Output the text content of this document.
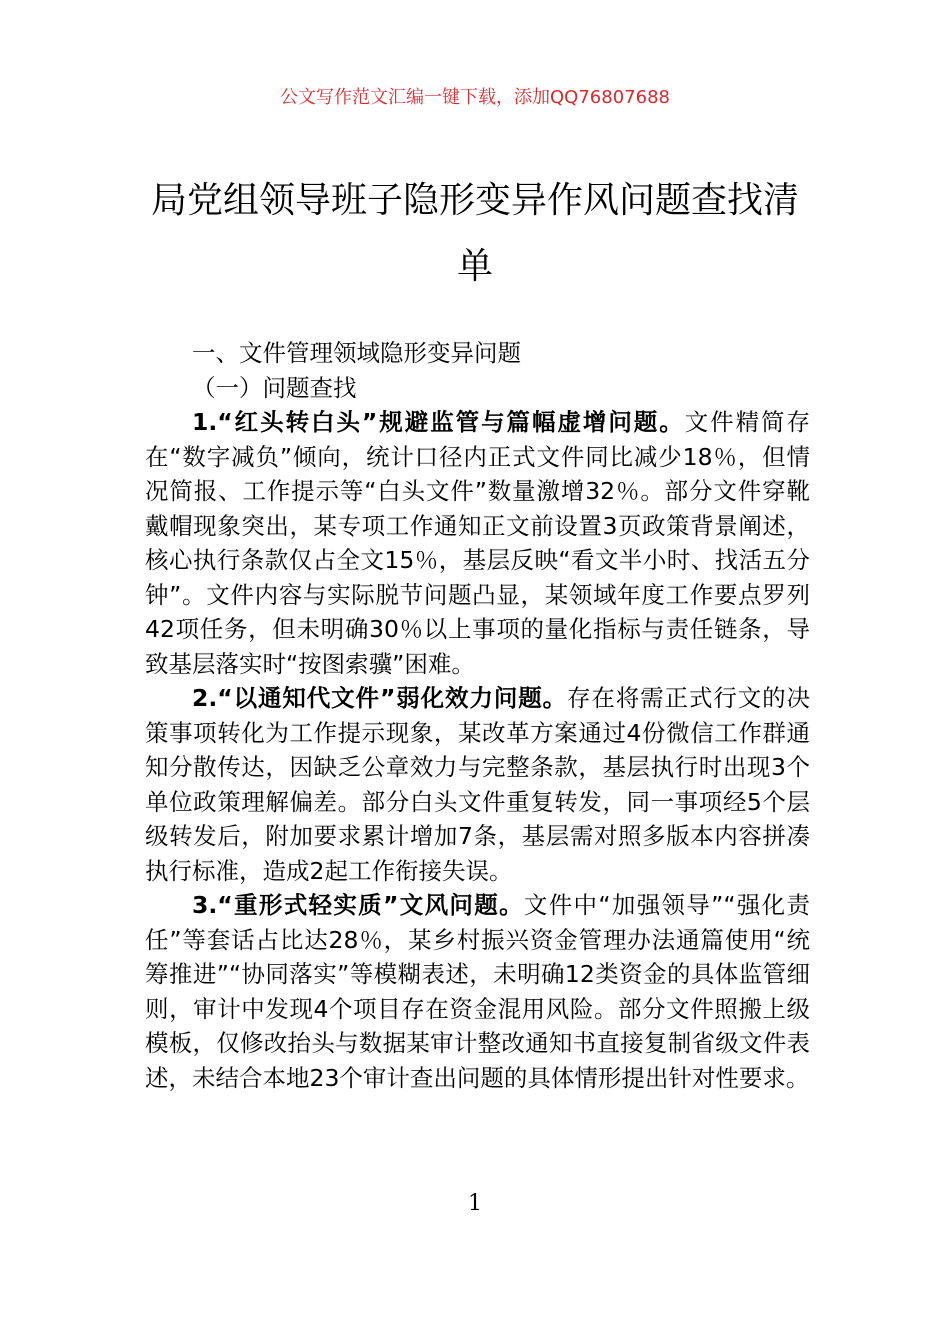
公文写作范文汇编一键下载，添加QQ76807688
局党组领导班子隐形变异作风问题查找清单

一、文件管理领域隐形变异问题

（一）问题查找

1.“红头转白头”规避监管与篇幅虚增问题。文件精简存在“数字减负”倾向，统计口径内正式文件同比减少18％，但情况简报、工作提示等“白头文件”数量激增32％。部分文件穿靴戴帽现象突出，某专项工作通知正文前设置3页政策背景阐述，核心执行条款仅占全文15％，基层反映“看文半小时、找活五分钟”。文件内容与实际脱节问题凸显，某领域年度工作要点罗列42项任务，但未明确30％以上事项的量化指标与责任链条，导致基层落实时“按图索骥”困难。

2.“以通知代文件”弱化效力问题。存在将需正式行文的决策事项转化为工作提示现象，某改革方案通过4份微信工作群通知分散传达，因缺乏公章效力与完整条款，基层执行时出现3个单位政策理解偏差。部分白头文件重复转发，同一事项经5个层级转发后，附加要求累计增加7条，基层需对照多版本内容拼凑执行标准，造成2起工作衔接失误。

3.“重形式轻实质”文风问题。文件中“加强领导”“强化责任”等套话占比达28％，某乡村振兴资金管理办法通篇使用“统筹推进”“协同落实”等模糊表述，未明确12类资金的具体监管细则，审计中发现4个项目存在资金混用风险。部分文件照搬上级模板，仅修改抬头与数据某审计整改通知书直接复制省级文件表述，未结合本地23个审计查出问题的具体情形提出针对性要求。

1
